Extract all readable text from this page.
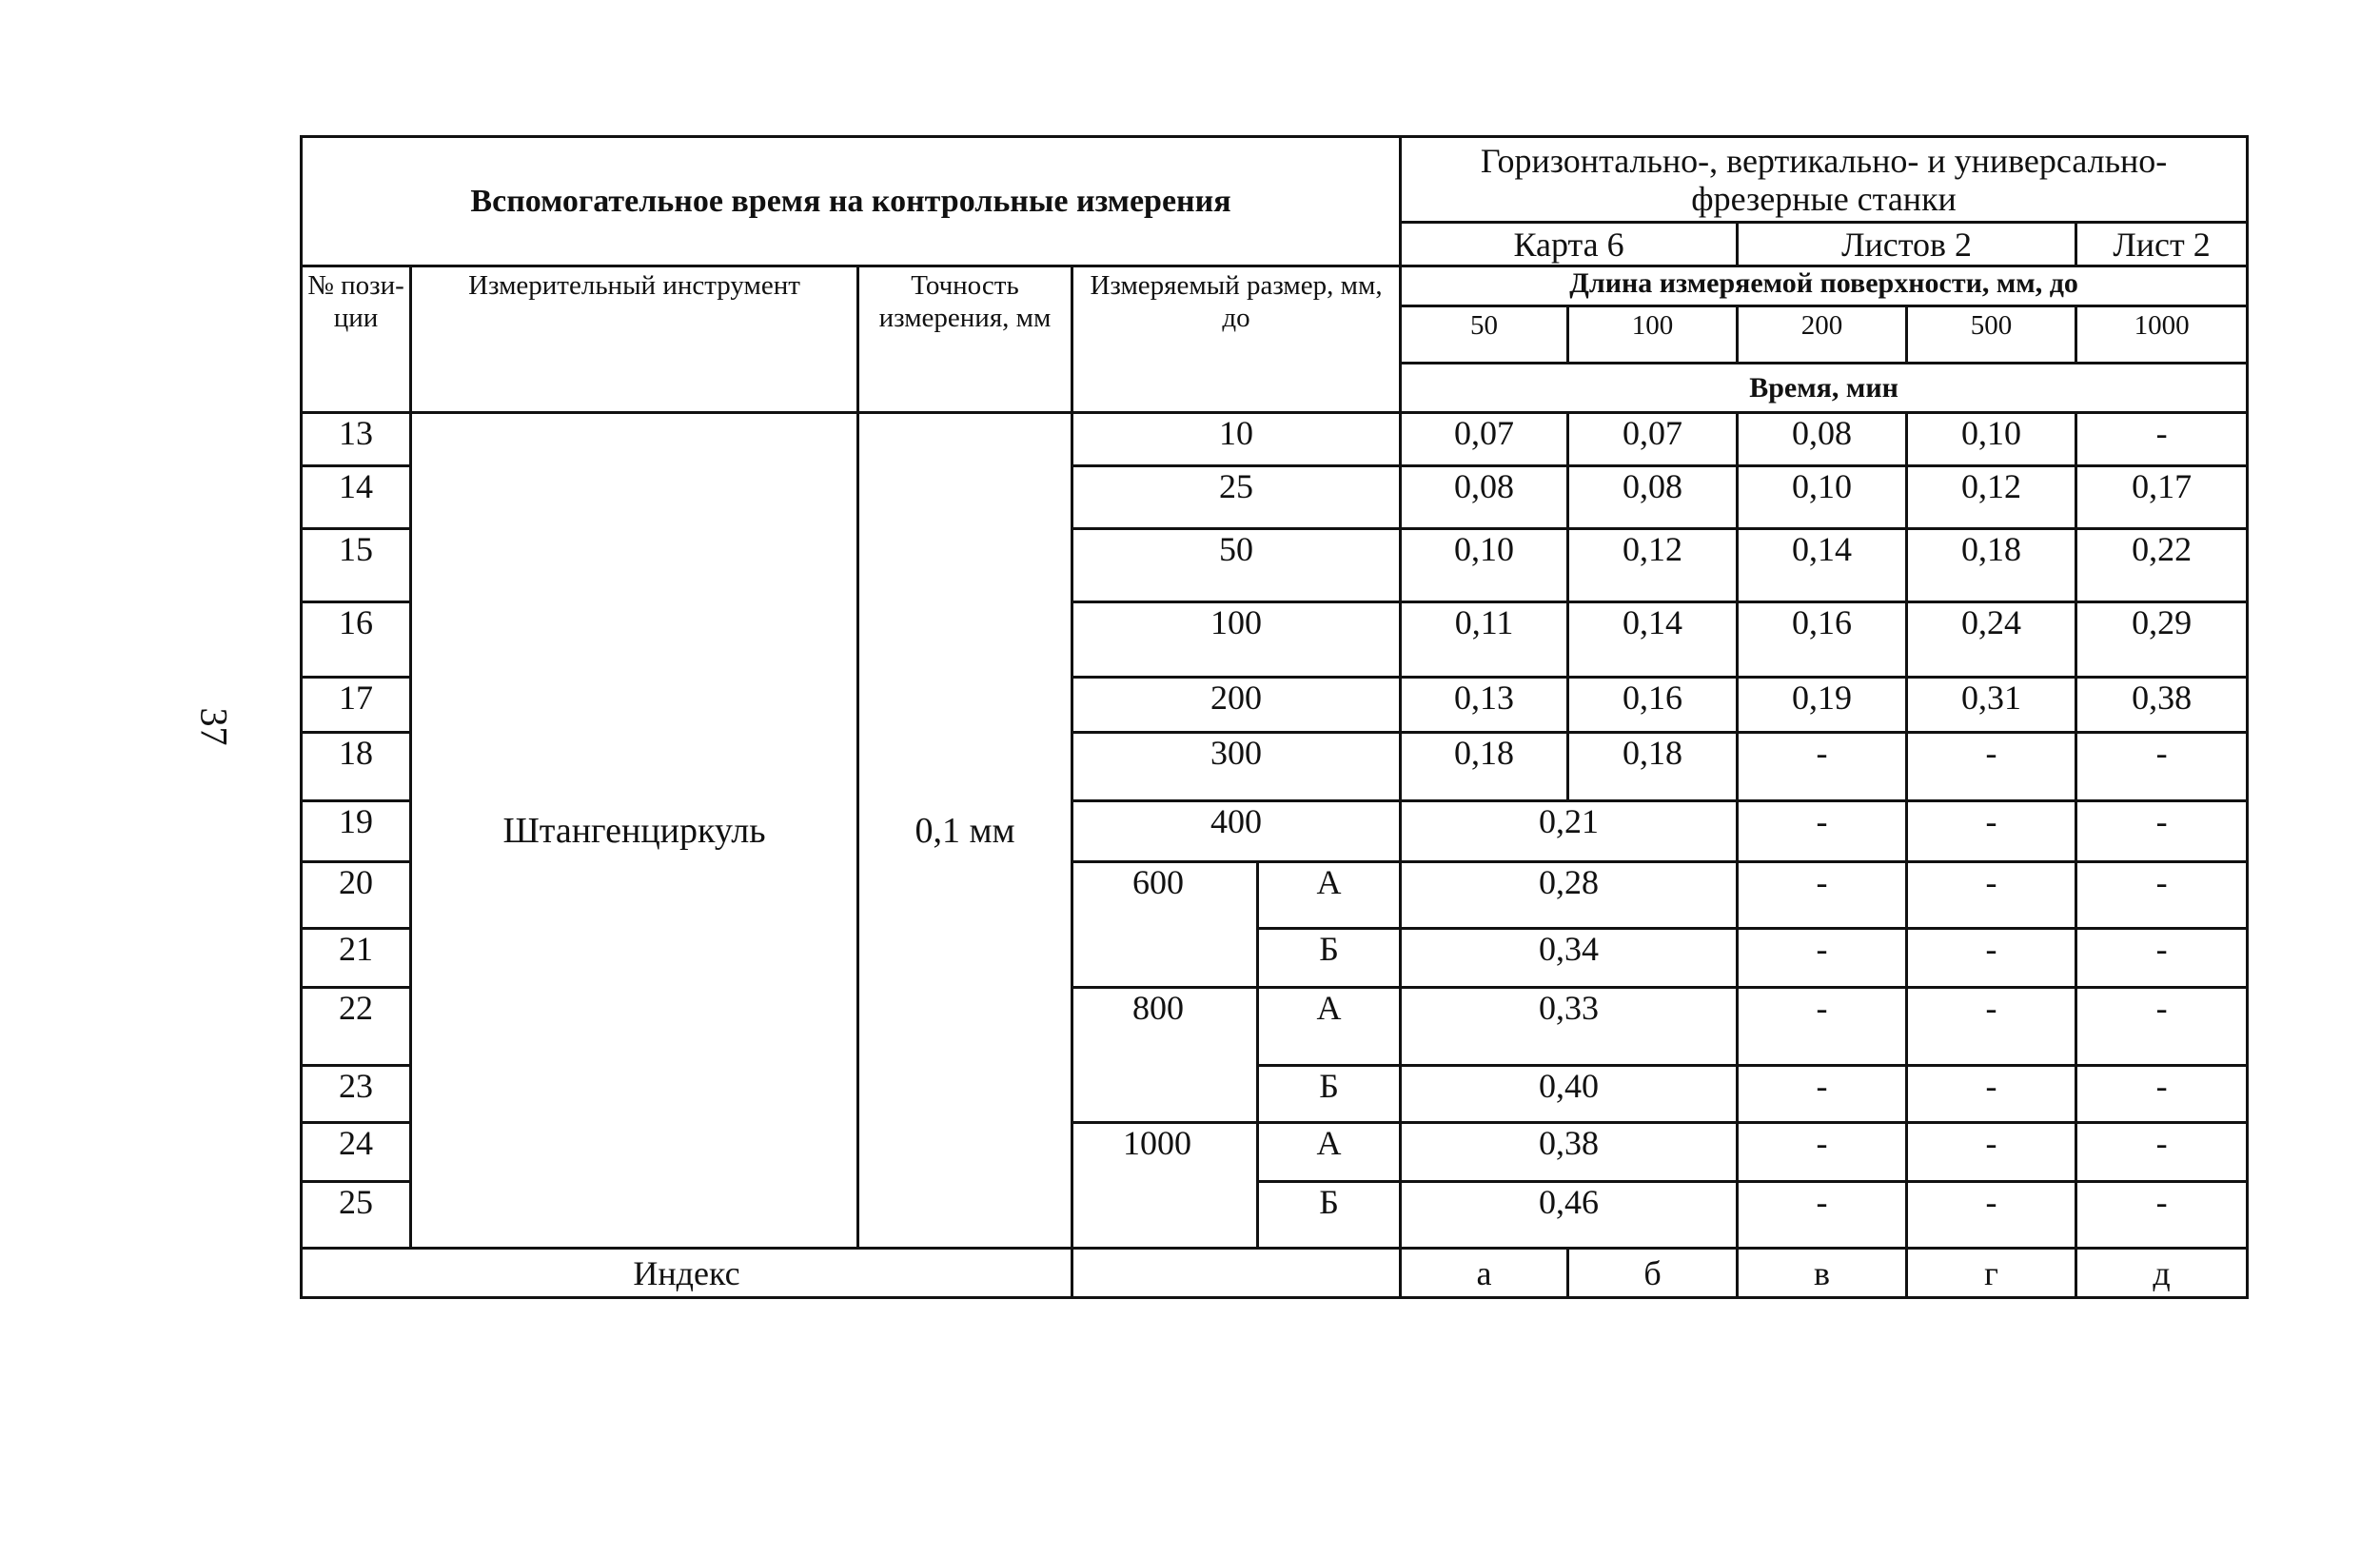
37
Вспомогательное время на контрольные измерения					Горизонтально-, вертикально- и универсально-фрезерные станки				
					Карта 6		Листов 2		Лист 2
№ пози-ции	Измерительный инструмент	Точность измерения, мм	Измеряемый размер, мм, до		Длина измеряемой поверхности, мм, до				
					50	100	200	500	1000
					Время, мин				
13	Штангенциркуль	0,1 мм	10		0,07	0,07	0,08	0,10	-
14			25		0,08	0,08	0,10	0,12	0,17
15			50		0,10	0,12	0,14	0,18	0,22
16			100		0,11	0,14	0,16	0,24	0,29
17			200		0,13	0,16	0,19	0,31	0,38
18			300		0,18	0,18	-	-	-
19			400		0,21		-	-	-
20			600	А	0,28		-	-	-
21				Б	0,34		-	-	-
22			800	А	0,33		-	-	-
23				Б	0,40		-	-	-
24			1000	А	0,38		-	-	-
25				Б	0,46		-	-	-
Индекс					а	б	в	г	д
